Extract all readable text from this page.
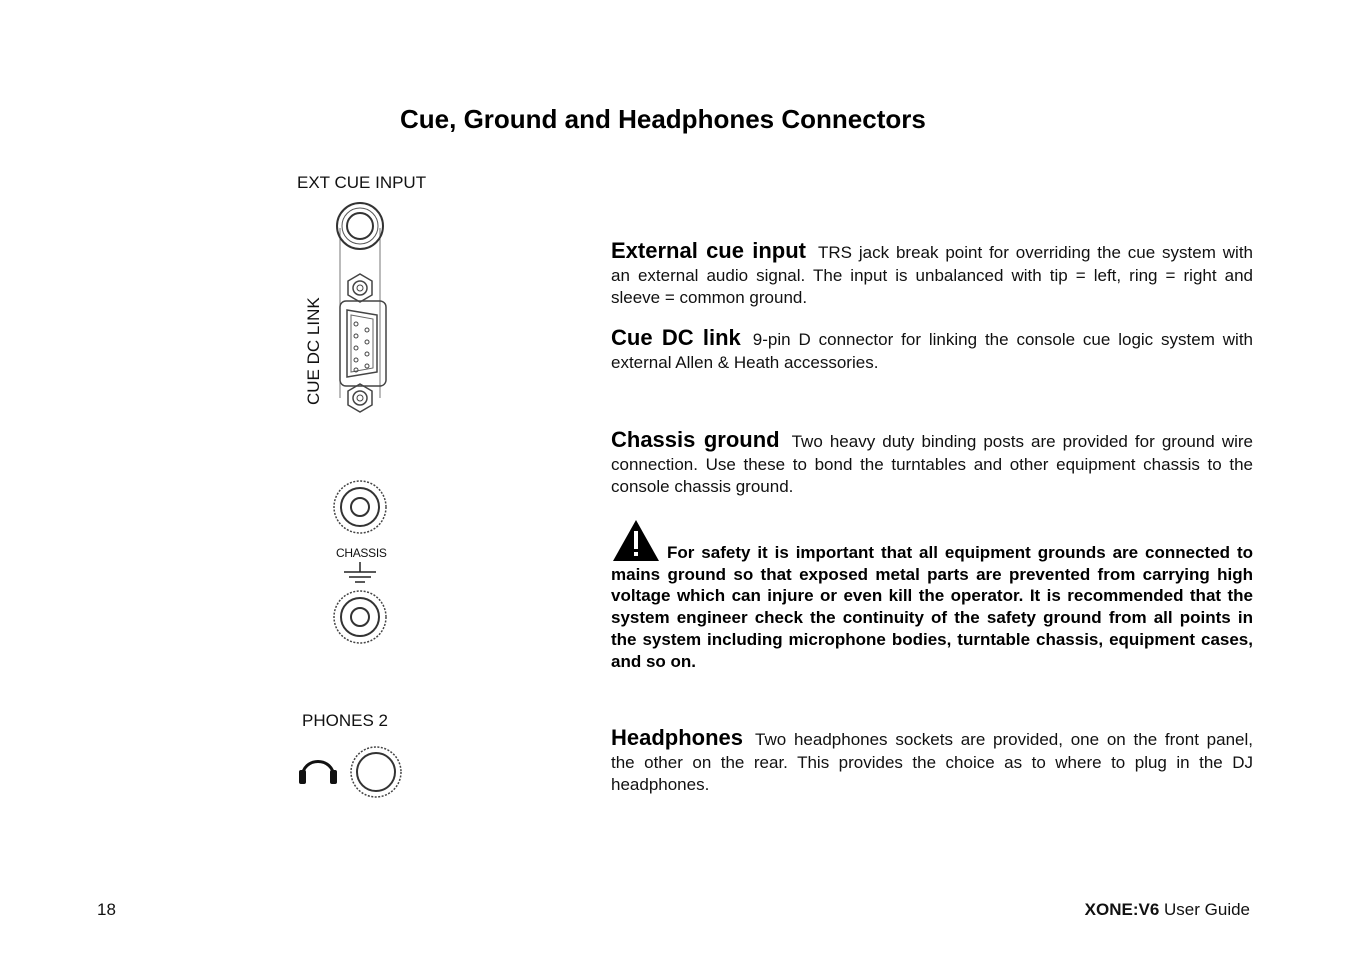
Cue, Ground and Headphones Connectors
EXT CUE INPUT
CUE DC LINK
CHASSIS
PHONES 2
External cue input TRS jack break point for overriding the cue system with an external audio signal. The input is unbalanced with tip = left, ring = right and sleeve = common ground.
Cue DC link 9-pin D connector for linking the console cue logic system with external Allen & Heath accessories.
Chassis ground Two heavy duty binding posts are provided for ground wire connection. Use these to bond the turntables and other equipment chassis to the console chassis ground.
For safety it is important that all equipment grounds are connected to mains ground so that exposed metal parts are prevented from carrying high voltage which can injure or even kill the operator. It is recommended that the system engineer check the continuity of the safety ground from all points in the system including microphone bodies, turntable chassis, equipment cases, and so on.
Headphones Two headphones sockets are provided, one on the front panel, the other on the rear. This provides the choice as to where to plug in the DJ headphones.
18	XONE:V6 User Guide
